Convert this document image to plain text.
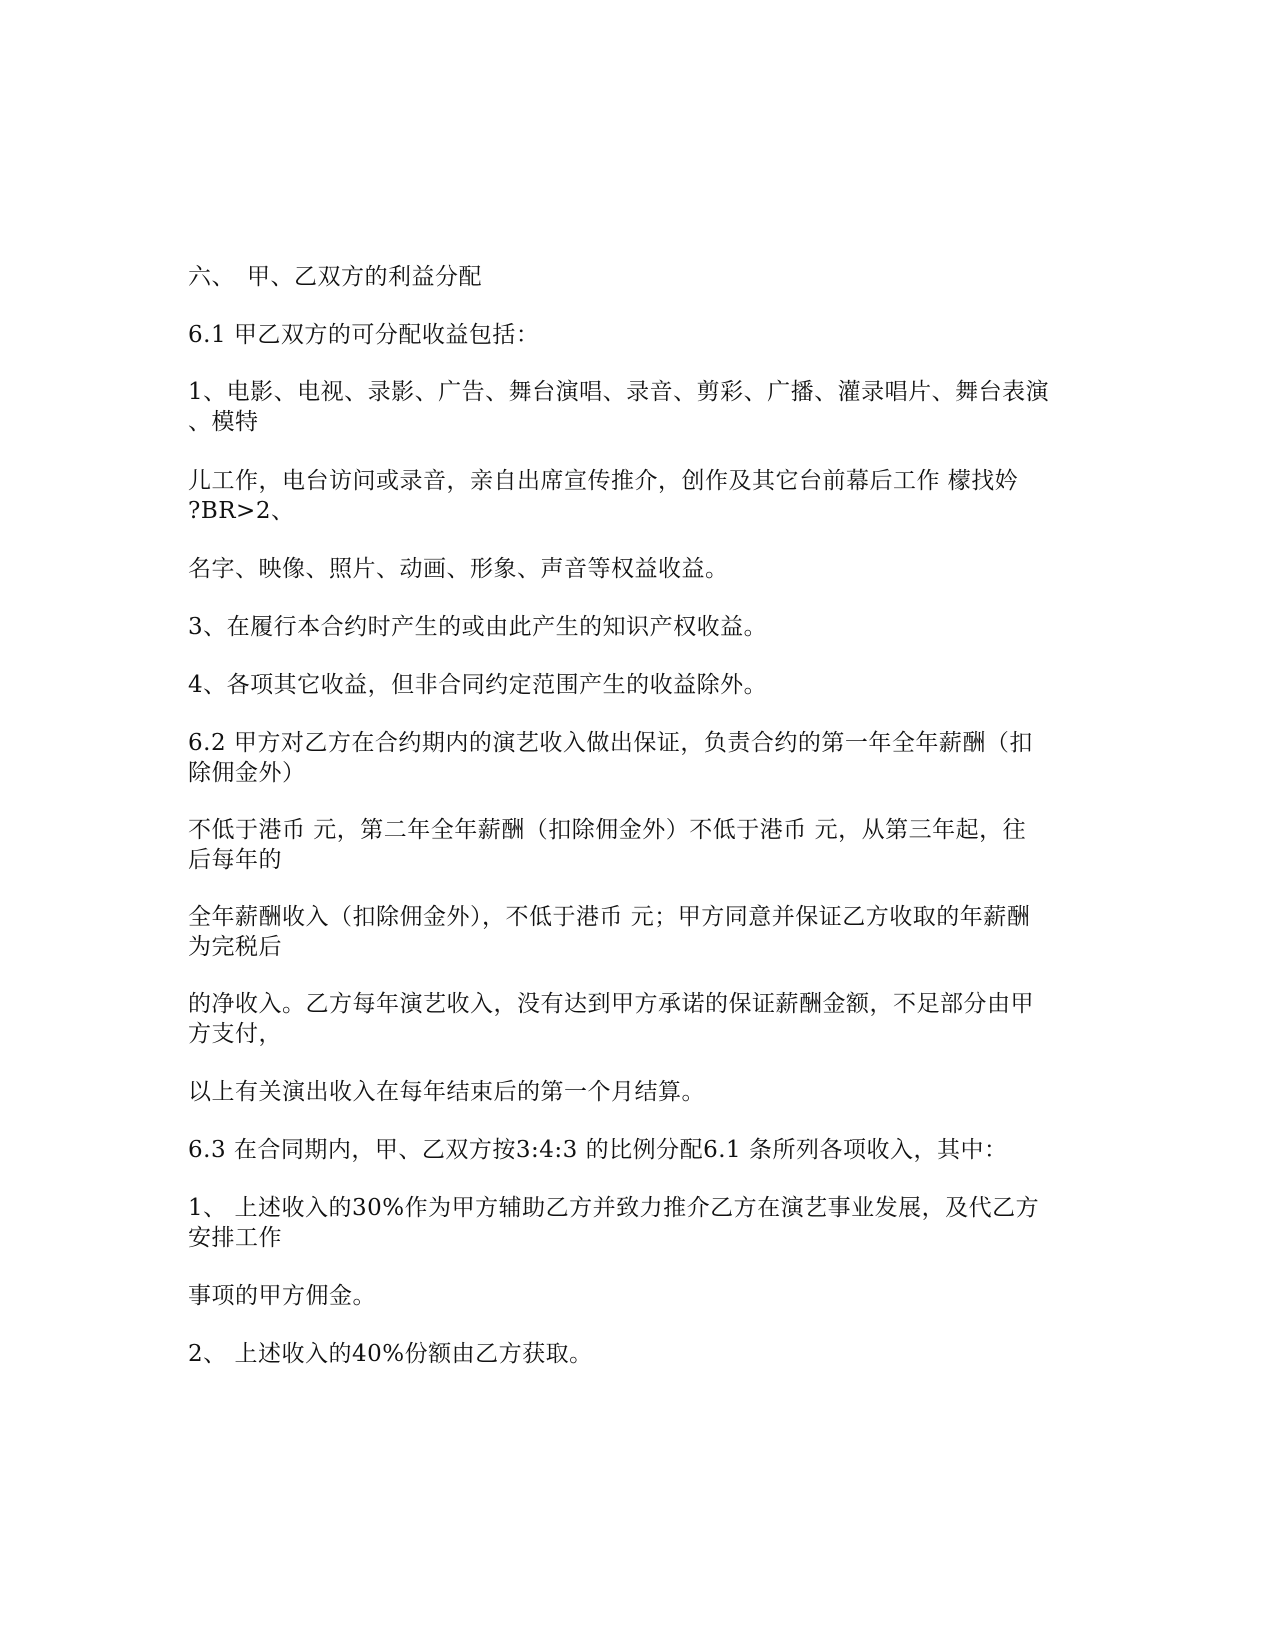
六、　甲、乙双方的利益分配

6.1 甲乙双方的可分配收益包括：

1、电影、电视、录影、广告、舞台演唱、录音、剪彩、广播、灌录唱片、舞台表演
、模特

儿工作，电台访问或录音，亲自出席宣传推介，创作及其它台前幕后工作 檬找妗
?BR>2、

名字、映像、照片、动画、形象、声音等权益收益。

3、在履行本合约时产生的或由此产生的知识产权收益。

4、各项其它收益，但非合同约定范围产生的收益除外。

6.2 甲方对乙方在合约期内的演艺收入做出保证，负责合约的第一年全年薪酬（扣
除佣金外）

不低于港币 元，第二年全年薪酬（扣除佣金外）不低于港币 元，从第三年起，往
后每年的

全年薪酬收入（扣除佣金外），不低于港币 元；甲方同意并保证乙方收取的年薪酬
为完税后

的净收入。乙方每年演艺收入，没有达到甲方承诺的保证薪酬金额，不足部分由甲
方支付，

以上有关演出收入在每年结束后的第一个月结算。

6.3 在合同期内，甲、乙双方按3:4:3 的比例分配6.1 条所列各项收入，其中：

1、 上述收入的30%作为甲方辅助乙方并致力推介乙方在演艺事业发展，及代乙方
安排工作

事项的甲方佣金。

2、 上述收入的40%份额由乙方获取。
